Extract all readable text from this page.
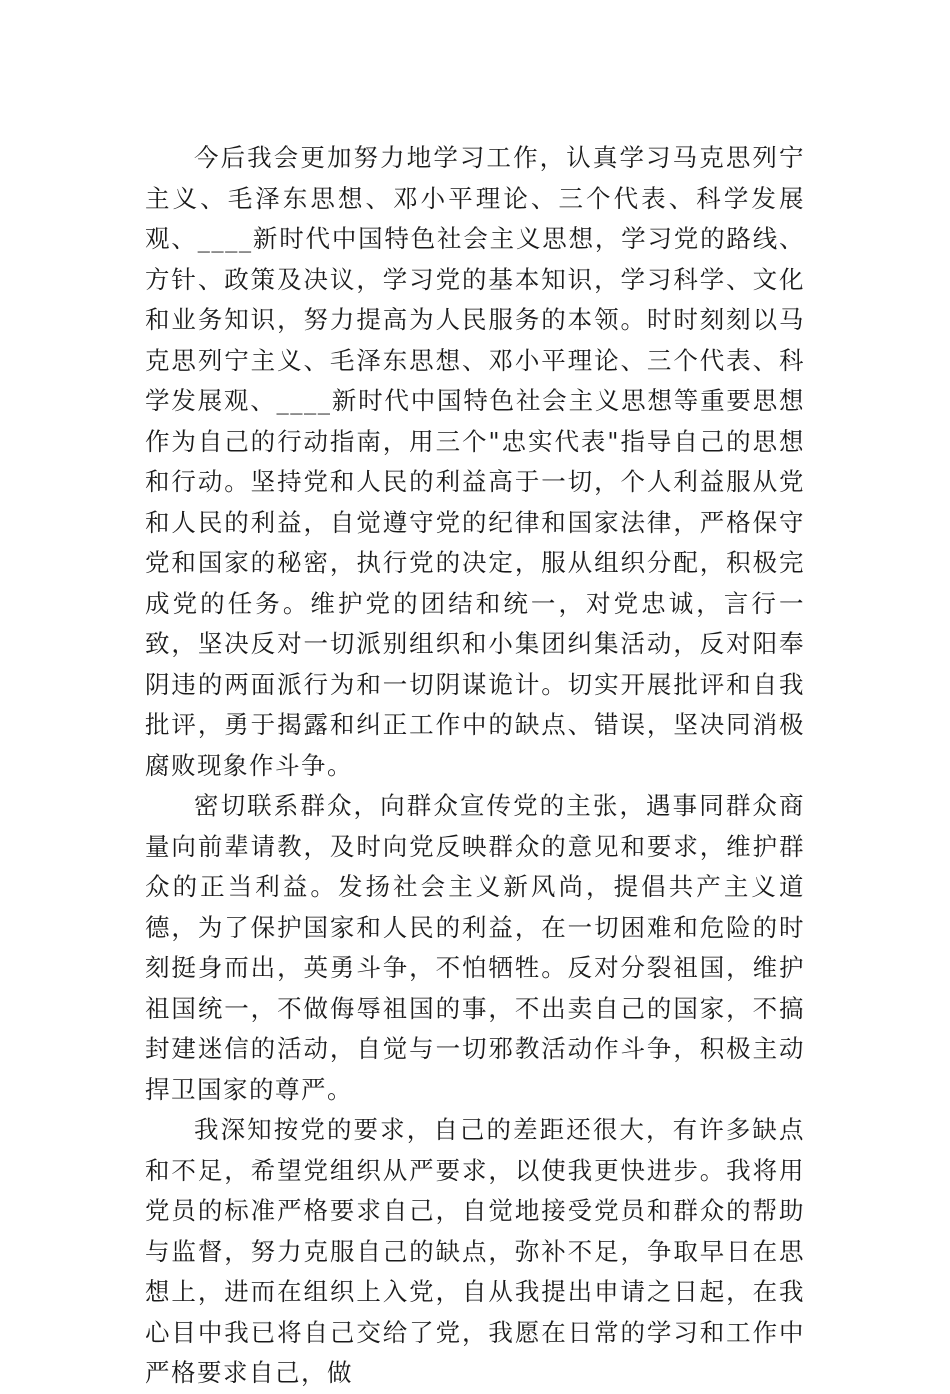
今后我会更加努力地学习工作，认真学习马克思列宁主义、毛泽东思想、邓小平理论、三个代表、科学发展观、____新时代中国特色社会主义思想，学习党的路线、方针、政策及决议，学习党的基本知识，学习科学、文化和业务知识，努力提高为人民服务的本领。时时刻刻以马克思列宁主义、毛泽东思想、邓小平理论、三个代表、科学发展观、____新时代中国特色社会主义思想等重要思想作为自己的行动指南，用三个"忠实代表"指导自己的思想和行动。坚持党和人民的利益高于一切，个人利益服从党和人民的利益，自觉遵守党的纪律和国家法律，严格保守党和国家的秘密，执行党的决定，服从组织分配，积极完成党的任务。维护党的团结和统一，对党忠诚，言行一致，坚决反对一切派别组织和小集团纠集活动，反对阳奉阴违的两面派行为和一切阴谋诡计。切实开展批评和自我批评，勇于揭露和纠正工作中的缺点、错误，坚决同消极腐败现象作斗争。

密切联系群众，向群众宣传党的主张，遇事同群众商量向前辈请教，及时向党反映群众的意见和要求，维护群众的正当利益。发扬社会主义新风尚，提倡共产主义道德，为了保护国家和人民的利益，在一切困难和危险的时刻挺身而出，英勇斗争，不怕牺牲。反对分裂祖国，维护祖国统一，不做侮辱祖国的事，不出卖自己的国家，不搞封建迷信的活动，自觉与一切邪教活动作斗争，积极主动捍卫国家的尊严。

我深知按党的要求，自己的差距还很大，有许多缺点和不足，希望党组织从严要求，以使我更快进步。我将用党员的标准严格要求自己，自觉地接受党员和群众的帮助与监督，努力克服自己的缺点，弥补不足，争取早日在思想上，进而在组织上入党，自从我提出申请之日起，在我心目中我已将自己交给了党，我愿在日常的学习和工作中严格要求自己，做
